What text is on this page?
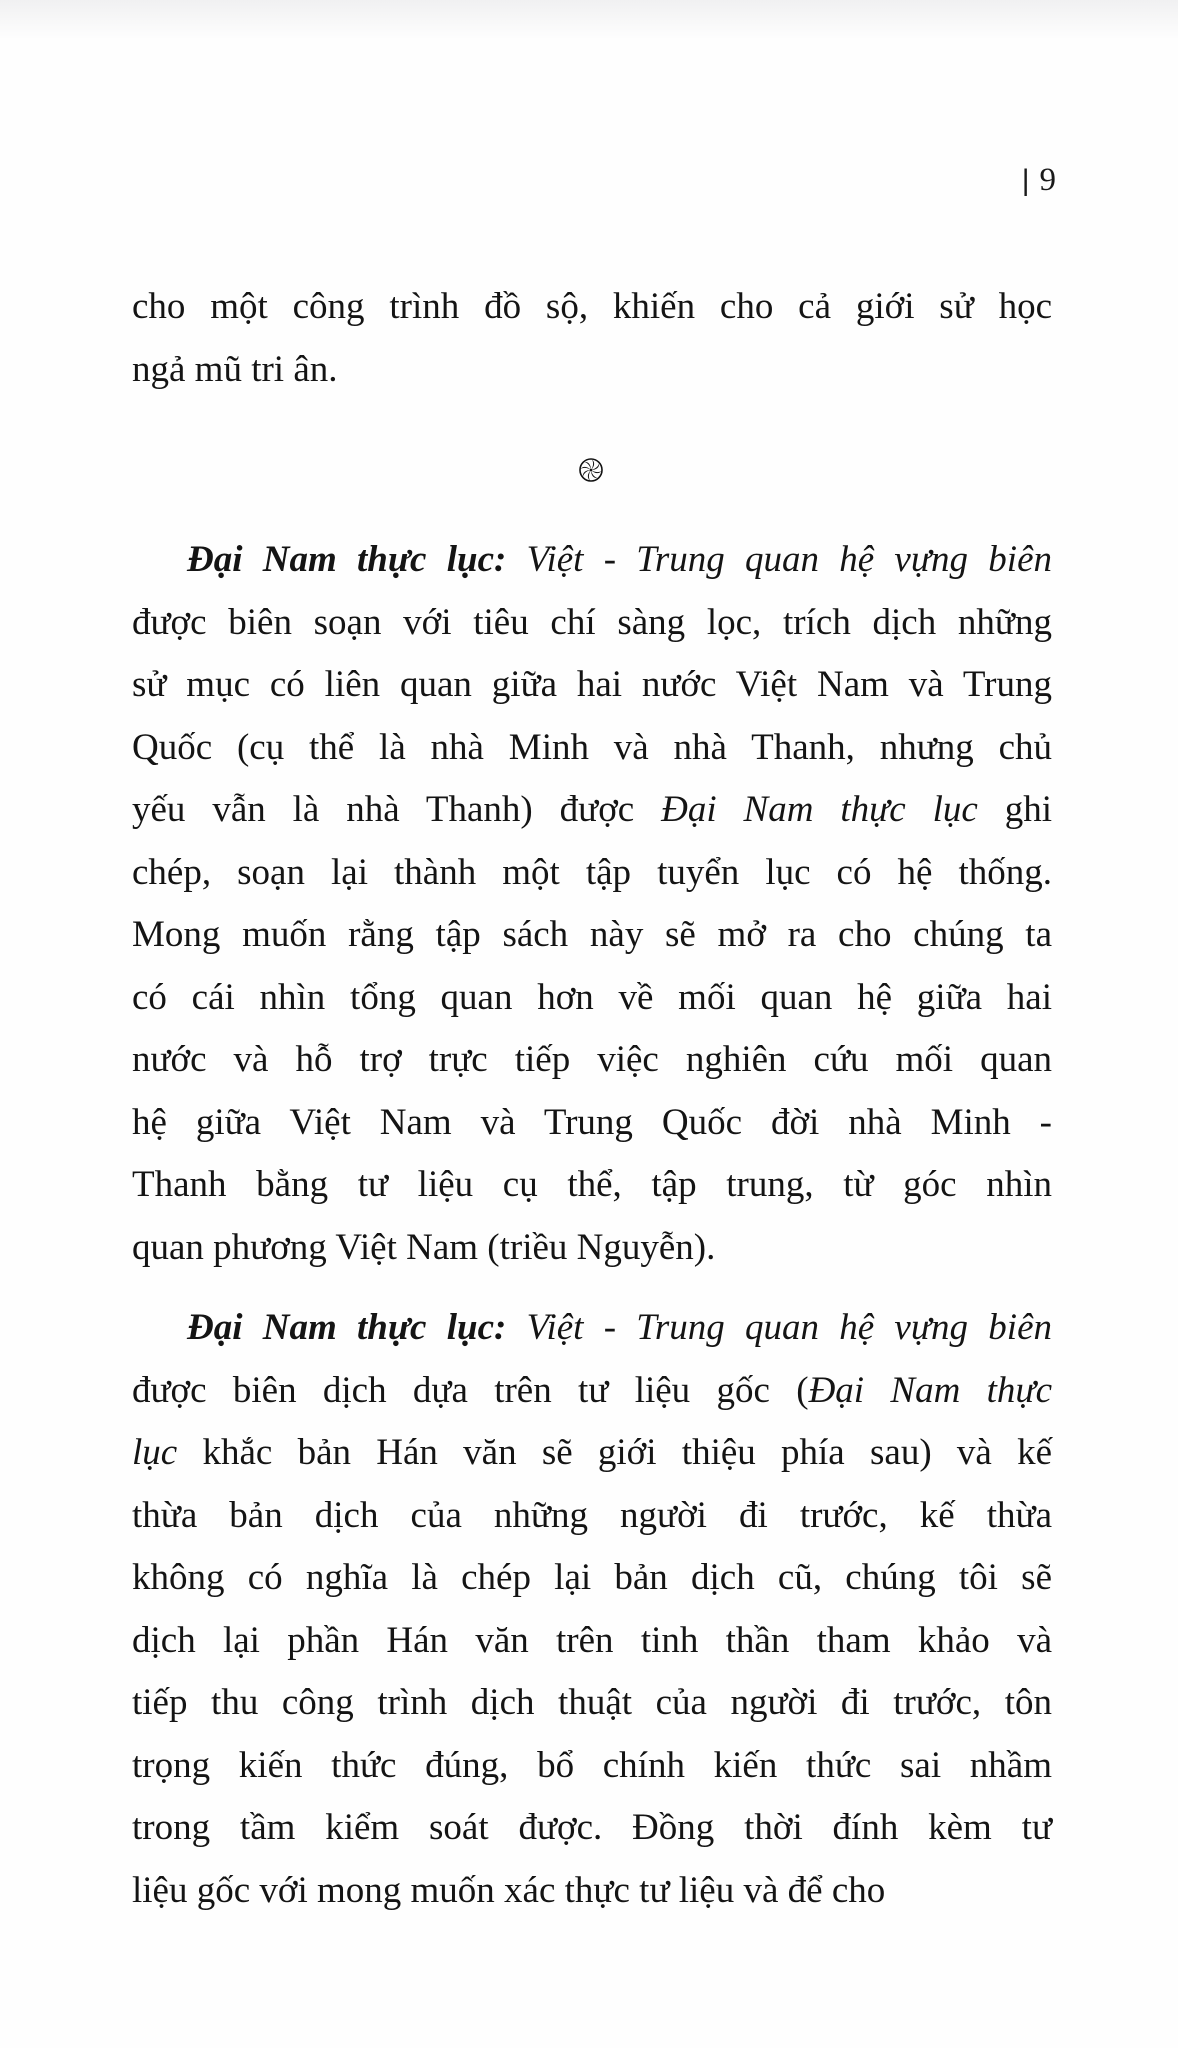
| 9
cho một công trình đồ sộ, khiến cho cả giới sử học
ngả mũ tri ân.
Đại Nam thực lục: Việt - Trung quan hệ vựng biên
được biên soạn với tiêu chí sàng lọc, trích dịch những
sử mục có liên quan giữa hai nước Việt Nam và Trung
Quốc (cụ thể là nhà Minh và nhà Thanh, nhưng chủ
yếu vẫn là nhà Thanh) được Đại Nam thực lục ghi
chép, soạn lại thành một tập tuyển lục có hệ thống.
Mong muốn rằng tập sách này sẽ mở ra cho chúng ta
có cái nhìn tổng quan hơn về mối quan hệ giữa hai
nước và hỗ trợ trực tiếp việc nghiên cứu mối quan
hệ giữa Việt Nam và Trung Quốc đời nhà Minh -
Thanh bằng tư liệu cụ thể, tập trung, từ góc nhìn
quan phương Việt Nam (triều Nguyễn).
Đại Nam thực lục: Việt - Trung quan hệ vựng biên
được biên dịch dựa trên tư liệu gốc (Đại Nam thực
lục khắc bản Hán văn sẽ giới thiệu phía sau) và kế
thừa bản dịch của những người đi trước, kế thừa
không có nghĩa là chép lại bản dịch cũ, chúng tôi sẽ
dịch lại phần Hán văn trên tinh thần tham khảo và
tiếp thu công trình dịch thuật của người đi trước, tôn
trọng kiến thức đúng, bổ chính kiến thức sai nhầm
trong tầm kiểm soát được. Đồng thời đính kèm tư
liệu gốc với mong muốn xác thực tư liệu và để cho
